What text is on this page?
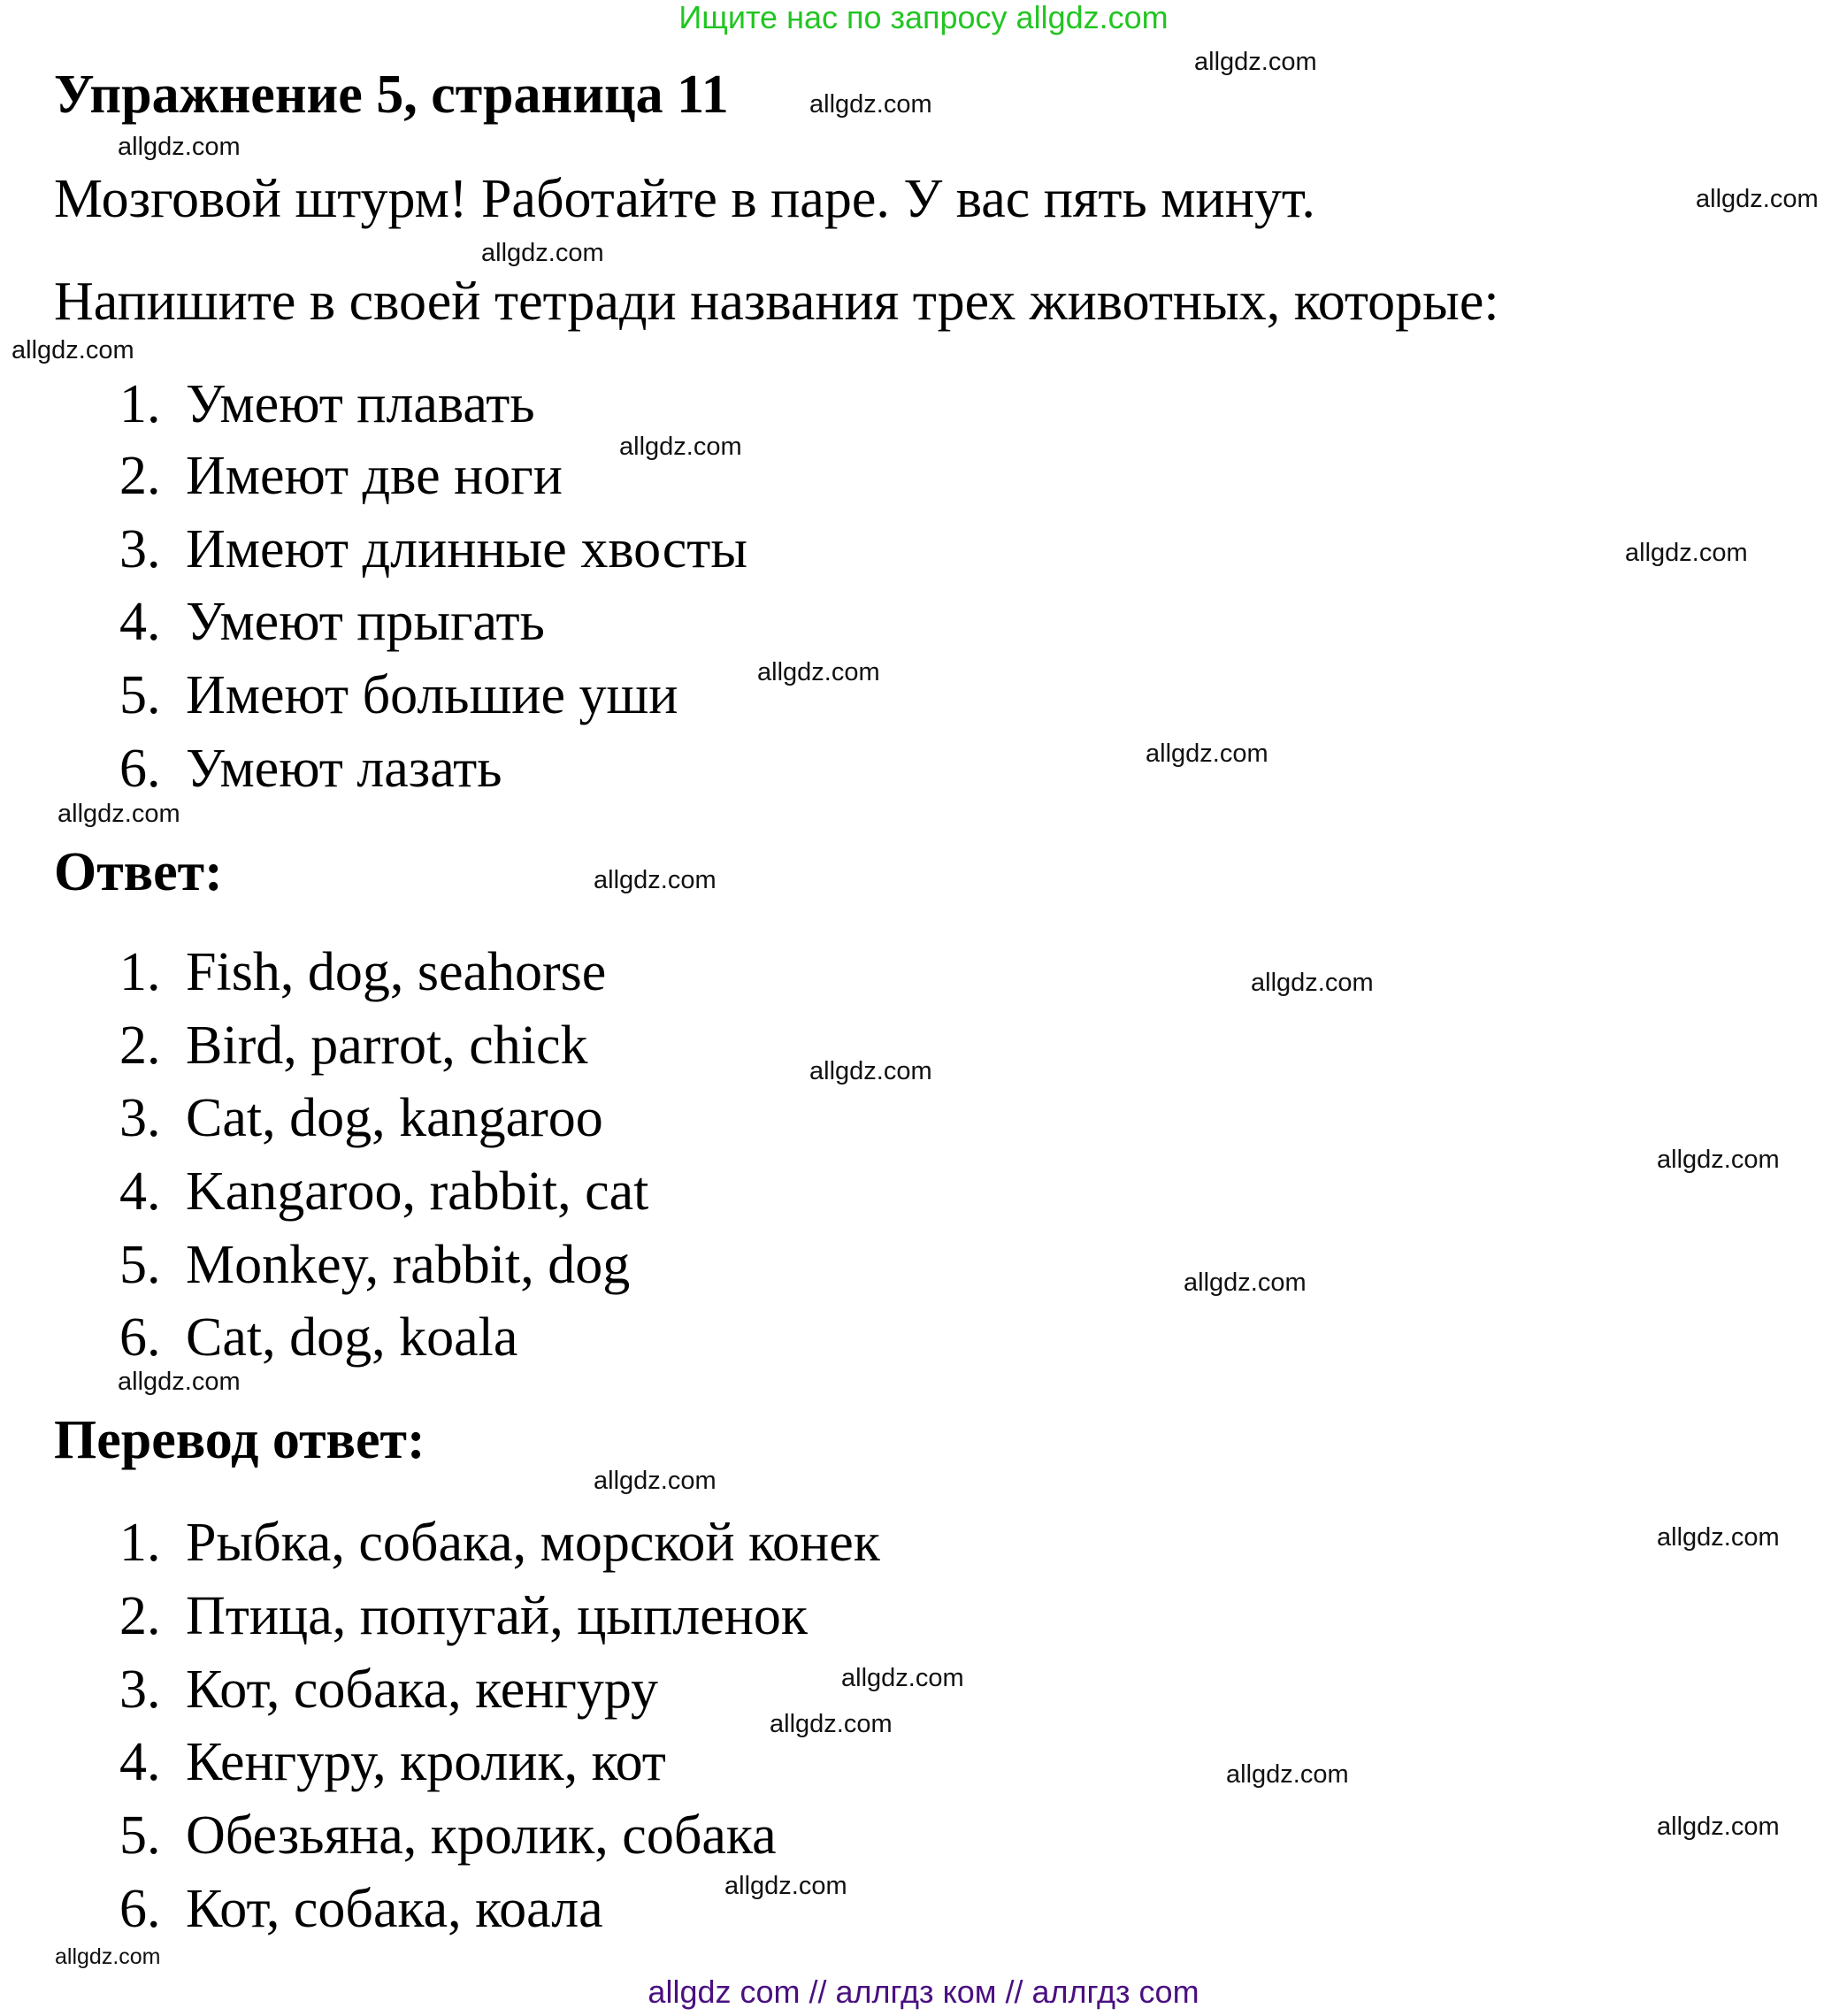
Ищите нас по запросу allgdz.com
Упражнение 5, страница 11
Мозговой штурм! Работайте в паре. У вас пять минут.
Напишите в своей тетради названия трех животных, которые:
1. Умеют плавать
2. Имеют две ноги
3. Имеют длинные хвосты
4. Умеют прыгать
5. Имеют большие уши
6. Умеют лазать
Ответ:
1. Fish, dog, seahorse
2. Bird, parrot, chick
3. Cat, dog, kangaroo
4. Kangaroo, rabbit, cat
5. Monkey, rabbit, dog
6. Cat, dog, koala
Перевод ответ:
1. Рыбка, собака, морской конек
2. Птица, попугай, цыпленок
3. Кот, собака, кенгуру
4. Кенгуру, кролик, кот
5. Обезьяна, кролик, собака
6. Кот, собака, коала
allgdz.com
allgdz.com
allgdz.com
allgdz.com
allgdz.com
allgdz.com
allgdz.com
allgdz.com
allgdz.com
allgdz.com
allgdz.com
allgdz.com
allgdz.com
allgdz.com
allgdz.com
allgdz.com
allgdz.com
allgdz.com
allgdz.com
allgdz.com
allgdz.com
allgdz.com
allgdz.com
allgdz.com
allgdz.com
allgdz com // аллгдз ком // аллгдз com
